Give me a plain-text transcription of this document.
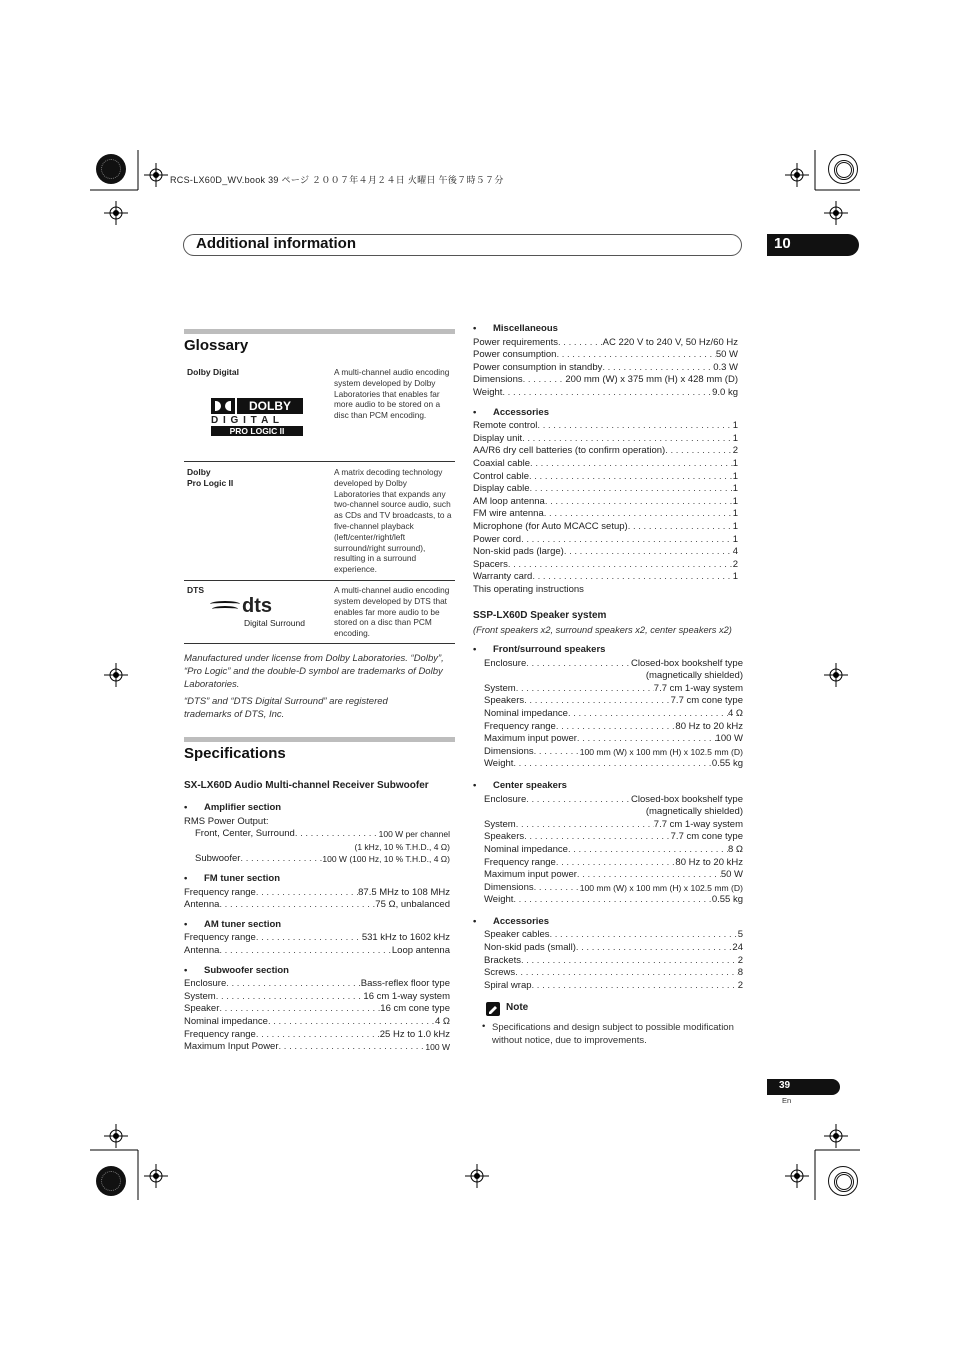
RCS-LX60D_WV.book 39 ページ ２００７年４月２４日 火曜日 午後７時５７分
Additional information	10
Glossary
Dolby Digital
DOLBY
D I G I T A L
PRO LOGIC II
A multi-channel audio encoding system developed by Dolby Laboratories that enables far more audio to be stored on a disc than PCM encoding.
Dolby
Pro Logic II
A matrix decoding technology developed by Dolby Laboratories that expands any two-channel source audio, such as CDs and TV broadcasts, to a five-channel playback (left/center/right/left surround/right surround), resulting in a surround experience.
DTS
dts
Digital Surround
A multi-channel audio encoding system developed by DTS that enables far more audio to be stored on a disc than PCM encoding.
Manufactured under license from Dolby Laboratories. “Dolby”, “Pro Logic” and the double-D symbol are trademarks of Dolby Laboratories.
“DTS” and “DTS Digital Surround” are registered trademarks of DTS, Inc.
Specifications
SX-LX60D Audio Multi-channel Receiver Subwoofer
• Amplifier section
RMS Power Output:
Front, Center, Surround . . .	100 W per channel
(1 kHz, 10 % T.H.D., 4 Ω)
Subwoofer . . .	100 W (100 Hz, 10 % T.H.D., 4 Ω)
• FM tuner section
Frequency range . . .	87.5 MHz to 108 MHz
Antenna . . .	75 Ω, unbalanced
• AM tuner section
Frequency range . . .	531 kHz to 1602 kHz
Antenna . . .	Loop antenna
• Subwoofer section
Enclosure . . .	Bass-reflex floor type
System . . .	16 cm 1-way system
Speaker . . .	16 cm cone type
Nominal impedance . . .	4 Ω
Frequency range . . .	25 Hz to 1.0 kHz
Maximum Input Power . . .	100 W
• Miscellaneous
Power requirements . . .	AC 220 V to 240 V, 50 Hz/60 Hz
Power consumption . . .	50 W
Power consumption in standby . . .	0.3 W
Dimensions . . .	200 mm (W) x 375 mm (H) x 428 mm (D)
Weight . . .	9.0 kg
• Accessories
Remote control . . .	1
Display unit . . .	1
AA/R6 dry cell batteries (to confirm operation) . . .	2
Coaxial cable . . .	1
Control cable . . .	1
Display cable . . .	1
AM loop antenna . . .	1
FM wire antenna . . .	1
Microphone (for Auto MCACC setup) . . .	1
Power cord . . .	1
Non-skid pads (large) . . .	4
Spacers . . .	2
Warranty card . . .	1
This operating instructions
SSP-LX60D Speaker system
(Front speakers x2, surround speakers x2, center speakers x2)
• Front/surround speakers
Enclosure . . .	Closed-box bookshelf type
(magnetically shielded)
System . . .	7.7 cm 1-way system
Speakers . . .	7.7 cm cone type
Nominal impedance . . .	4 Ω
Frequency range . . .	80 Hz to 20 kHz
Maximum input power . . .	100 W
Dimensions . . .	100 mm (W) x 100 mm (H) x 102.5 mm (D)
Weight . . .	0.55 kg
• Center speakers
Enclosure . . .	Closed-box bookshelf type
(magnetically shielded)
System . . .	7.7 cm 1-way system
Speakers . . .	7.7 cm cone type
Nominal impedance . . .	8 Ω
Frequency range . . .	80 Hz to 20 kHz
Maximum input power . . .	50 W
Dimensions . . .	100 mm (W) x 100 mm (H) x 102.5 mm (D)
Weight . . .	0.55 kg
• Accessories
Speaker cables . . .	5
Non-skid pads (small) . . .	24
Brackets . . .	2
Screws . . .	8
Spiral wrap . . .	2
Note
• Specifications and design subject to possible modification without notice, due to improvements.
39
En
